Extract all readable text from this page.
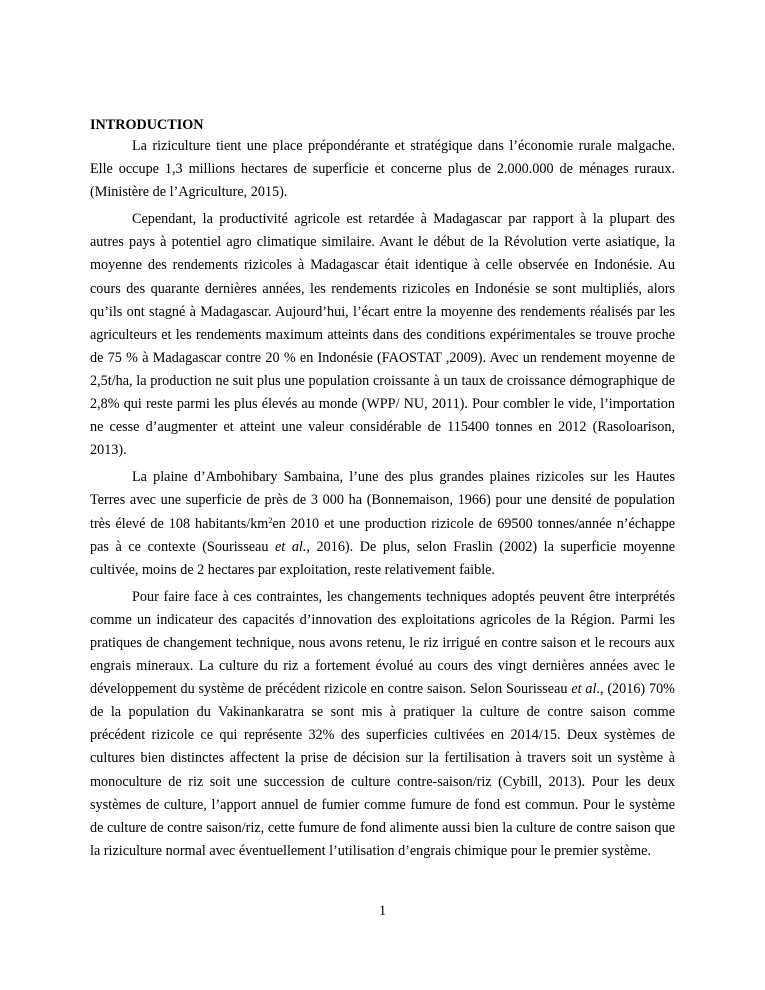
INTRODUCTION

La riziculture tient une place prépondérante et stratégique dans l’économie rurale malgache. Elle occupe 1,3 millions hectares de superficie et concerne plus de 2.000.000 de ménages ruraux. (Ministère de l’Agriculture, 2015).

Cependant, la productivité agricole est retardée à Madagascar par rapport à la plupart des autres pays à potentiel agro climatique similaire. Avant le début de la Révolution verte asiatique, la moyenne des rendements rizicoles à Madagascar était identique à celle observée en Indonésie. Au cours des quarante dernières années, les rendements rizicoles en Indonésie se sont multipliés, alors qu’ils ont stagné à Madagascar. Aujourd’hui, l’écart entre la moyenne des rendements réalisés par les agriculteurs et les rendements maximum atteints dans des conditions expérimentales se trouve proche de 75 % à Madagascar contre 20 % en Indonésie (FAOSTAT ,2009). Avec un rendement moyenne de 2,5t/ha, la production ne suit plus une population croissante à un taux de croissance démographique de 2,8% qui reste parmi les plus élevés au monde (WPP/ NU, 2011). Pour combler le vide, l’importation ne cesse d’augmenter et atteint une valeur considérable de 115400 tonnes en 2012 (Rasoloarison, 2013).

La plaine d’Ambohibary Sambaina, l’une des plus grandes plaines rizicoles sur les Hautes Terres avec une superficie de près de 3 000 ha (Bonnemaison, 1966) pour une densité de population très élevé de 108 habitants/$km^2en$ 2010 et une production rizicole de 69500 tonnes/année n’échappe pas à ce contexte (Sourisseau et al., 2016). De plus, selon Fraslin (2002) la superficie moyenne cultivée, moins de 2 hectares par exploitation, reste relativement faible.

Pour faire face à ces contraintes, les changements techniques adoptés peuvent être interprétés comme un indicateur des capacités d’innovation des exploitations agricoles de la Région. Parmi les pratiques de changement technique, nous avons retenu, le riz irrigué en contre saison et le recours aux engrais mineraux. La culture du riz a fortement évolué au cours des vingt dernières années avec le développement du système de précédent rizicole en contre saison. Selon Sourisseau et al., (2016) 70% de la population du Vakinankaratra se sont mis à pratiquer la culture de contre saison comme précédent rizicole ce qui représente 32% des superficies cultivées en 2014/15. Deux systèmes de cultures bien distinctes affectent la prise de décision sur la fertilisation à travers soit un système à monoculture de riz soit une succession de culture contre-saison/riz (Cybill, 2013). Pour les deux systèmes de culture, l’apport annuel de fumier comme fumure de fond est commun. Pour le système de culture de contre saison/riz, cette fumure de fond alimente aussi bien la culture de contre saison que la riziculture normal avec éventuellement l’utilisation d’engrais chimique pour le premier système.

1
